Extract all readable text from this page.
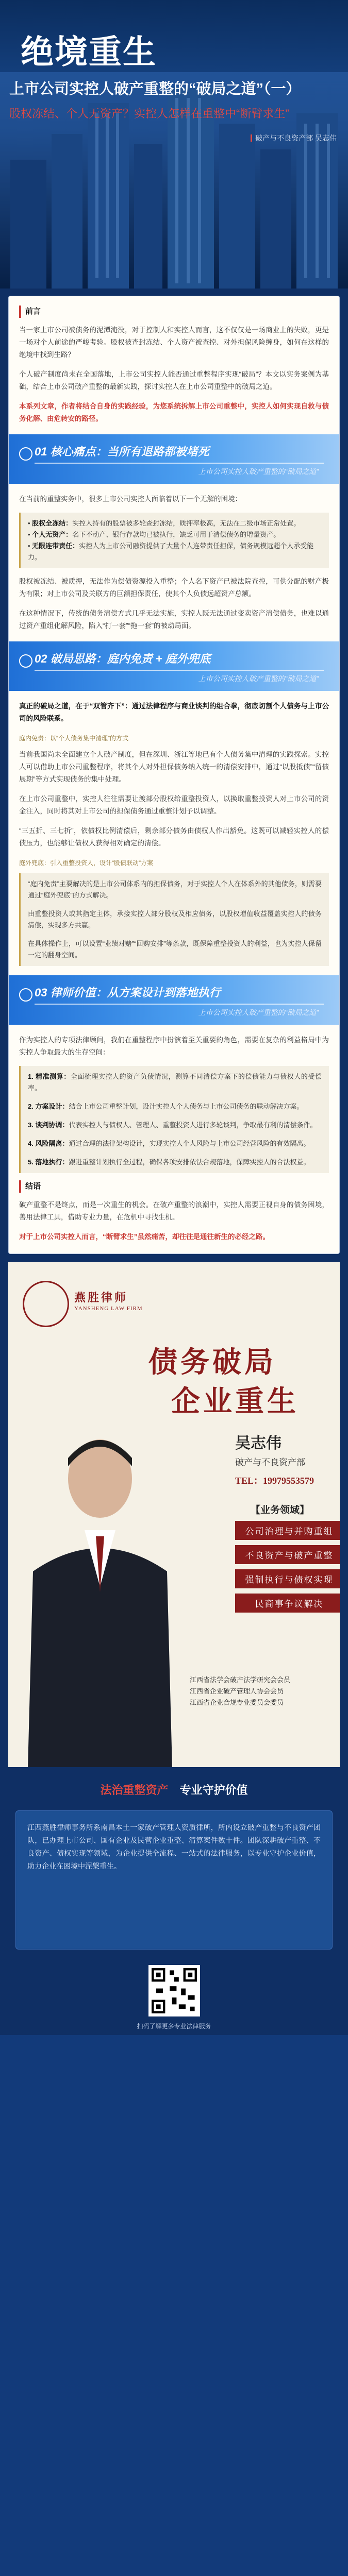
绝境重生
上市公司实控人破产重整的“破局之道”（一）
股权冻结、个人无资产？实控人怎样在重整中“断臂求生”
破产与不良资产部 吴志伟
前言

当一家上市公司被债务的泥潭淹没，对于控制人和实控人而言，这不仅仅是一场商业上的失败，更是一场对个人前途的严峻考验。股权被查封冻结、个人资产被查控、对外担保风险缠身，如何在这样的绝境中找到生路？

个人破产制度尚未在全国落地，上市公司实控人能否通过重整程序实现“破局”？本文以实务案例为基础，结合上市公司破产重整的最新实践，探讨实控人在上市公司重整中的破局之道。

本系列文章，作者将结合自身的实践经验，为您系统拆解上市公司重整中，实控人如何实现自救与债务化解、由危转安的路径。

01 核心痛点：当所有退路都被堵死
上市公司实控人破产重整的“破局之道”

在当前的重整实务中，很多上市公司实控人面临着以下一个无解的困境：

• 股权全冻结：实控人持有的股票被多轮查封冻结，质押率极高，无法在二级市场正常处置。
• 个人无资产：名下不动产、银行存款均已被执行，缺乏可用于清偿债务的增量资产。
• 无限连带责任：实控人为上市公司融资提供了大量个人连带责任担保，债务规模远超个人承受能力。

股权被冻结、被质押，无法作为偿债资源投入重整；个人名下资产已被法院查控，可供分配的财产极为有限；对上市公司及关联方的巨额担保责任，使其个人负债远超资产总额。

在这种情况下，传统的债务清偿方式几乎无法实施，实控人既无法通过变卖资产清偿债务，也难以通过资产重组化解风险，陷入“打一套”“拖一套”的被动局面。

02 破局思路：庭内免责 + 庭外兜底
上市公司实控人破产重整的“破局之道”

真正的破局之道，在于“双管齐下”：通过法律程序与商业谈判的组合拳，彻底切割个人债务与上市公司的风险联系。

庭内免责：以“个人债务集中清理”的方式

当前我国尚未全面建立个人破产制度，但在深圳、浙江等地已有个人债务集中清理的实践探索。实控人可以借助上市公司重整程序，将其个人对外担保债务纳入统一的清偿安排中，通过“以股抵债”“留债展期”等方式实现债务的集中处理。

在上市公司重整中，实控人往往需要让渡部分股权给重整投资人，以换取重整投资人对上市公司的资金注入，同时将其对上市公司的担保债务通过重整计划予以调整。

“三五折、三七折”，依债权比例清偿后，剩余部分债务由债权人作出豁免。这既可以减轻实控人的偿债压力，也能够让债权人获得相对确定的清偿。

庭外兜底：引入重整投资人，设计“股债联动”方案

“庭内免责”主要解决的是上市公司体系内的担保债务，对于实控人个人在体系外的其他债务，则需要通过“庭外兜底”的方式解决。

由重整投资人或其指定主体，承接实控人部分股权及相应债务，以股权增值收益覆盖实控人的债务清偿，实现多方共赢。

在具体操作上，可以设置“业绩对赌”“回购安排”等条款，既保障重整投资人的利益，也为实控人保留一定的翻身空间。

03 律师价值：从方案设计到落地执行
上市公司实控人破产重整的“破局之道”

作为实控人的专项法律顾问，我们在重整程序中扮演着至关重要的角色，需要在复杂的利益格局中为实控人争取最大的生存空间：

1. 精准测算：全面梳理实控人的资产负债情况，测算不同清偿方案下的偿债能力与债权人的受偿率。

2. 方案设计：结合上市公司重整计划，设计实控人个人债务与上市公司债务的联动解决方案。

3. 谈判协调：代表实控人与债权人、管理人、重整投资人进行多轮谈判，争取最有利的清偿条件。

4. 风险隔离：通过合理的法律架构设计，实现实控人个人风险与上市公司经营风险的有效隔离。

5. 落地执行：跟进重整计划执行全过程，确保各项安排依法合规落地，保障实控人的合法权益。

结语

破产重整不是终点，而是一次重生的机会。在破产重整的浪潮中，实控人需要正视自身的债务困境，善用法律工具，借助专业力量，在危机中寻找生机。

对于上市公司实控人而言，“断臂求生”虽然痛苦，却往往是通往新生的必经之路。

燕胜律师
YANSHENG LAW FIRM
债务破局
企业重生
吴志伟
破产与不良资产部
TEL：19979553579
【业务领域】
公司治理与并购重组
不良资产与破产重整
强制执行与债权实现
民商事争议解决
江西省法学会破产法学研究会会员
江西省企业破产管理人协会会员
江西省企业合规专业委员会委员
法治重整资产　 专业守护价值
江西燕胜律师事务所系南昌本土一家破产管理人资质律所，所内设立破产重整与不良资产团队，已办理上市公司、国有企业及民营企业重整、清算案件数十件。团队深耕破产重整、不良资产、债权实现等领域，为企业提供全流程、一站式的法律服务，以专业守护企业价值，助力企业在困境中涅槃重生。
扫码了解更多专业法律服务
